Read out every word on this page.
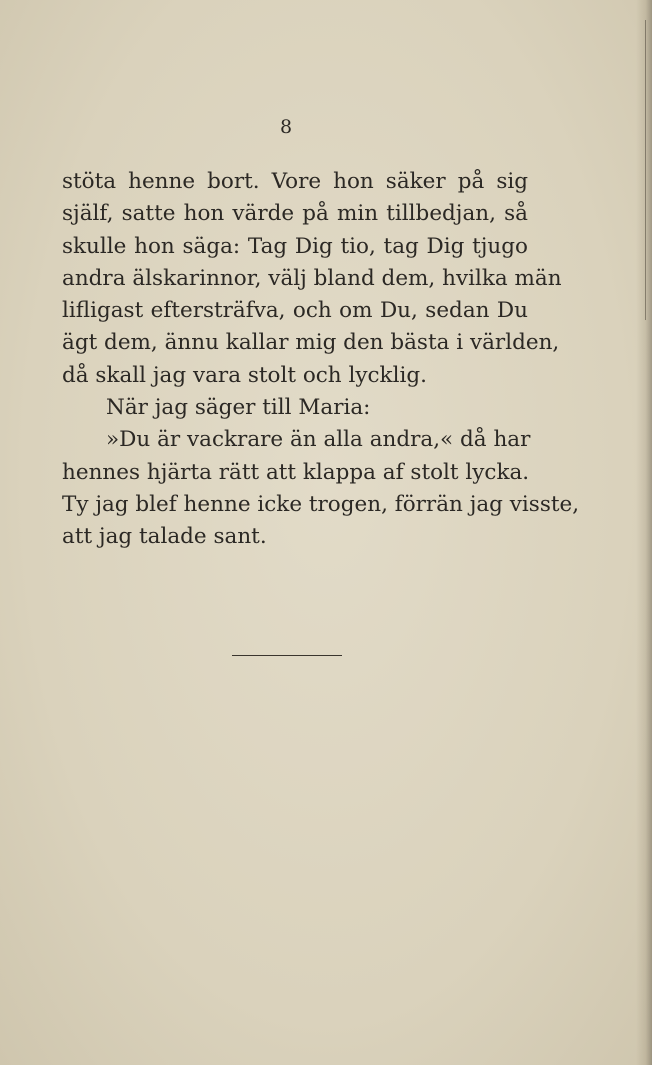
8
stöta henne bort. Vore hon säker på sig
själf, satte hon värde på min tillbedjan, så
skulle hon säga: Tag Dig tio, tag Dig tjugo
andra älskarinnor, välj bland dem, hvilka män
lifligast eftersträfva, och om Du, sedan Du
ägt dem, ännu kallar mig den bästa i världen,
då skall jag vara stolt och lycklig.
När jag säger till Maria:
»Du är vackrare än alla andra,« då har
hennes hjärta rätt att klappa af stolt lycka.
Ty jag blef henne icke trogen, förrän jag visste,
att jag talade sant.
